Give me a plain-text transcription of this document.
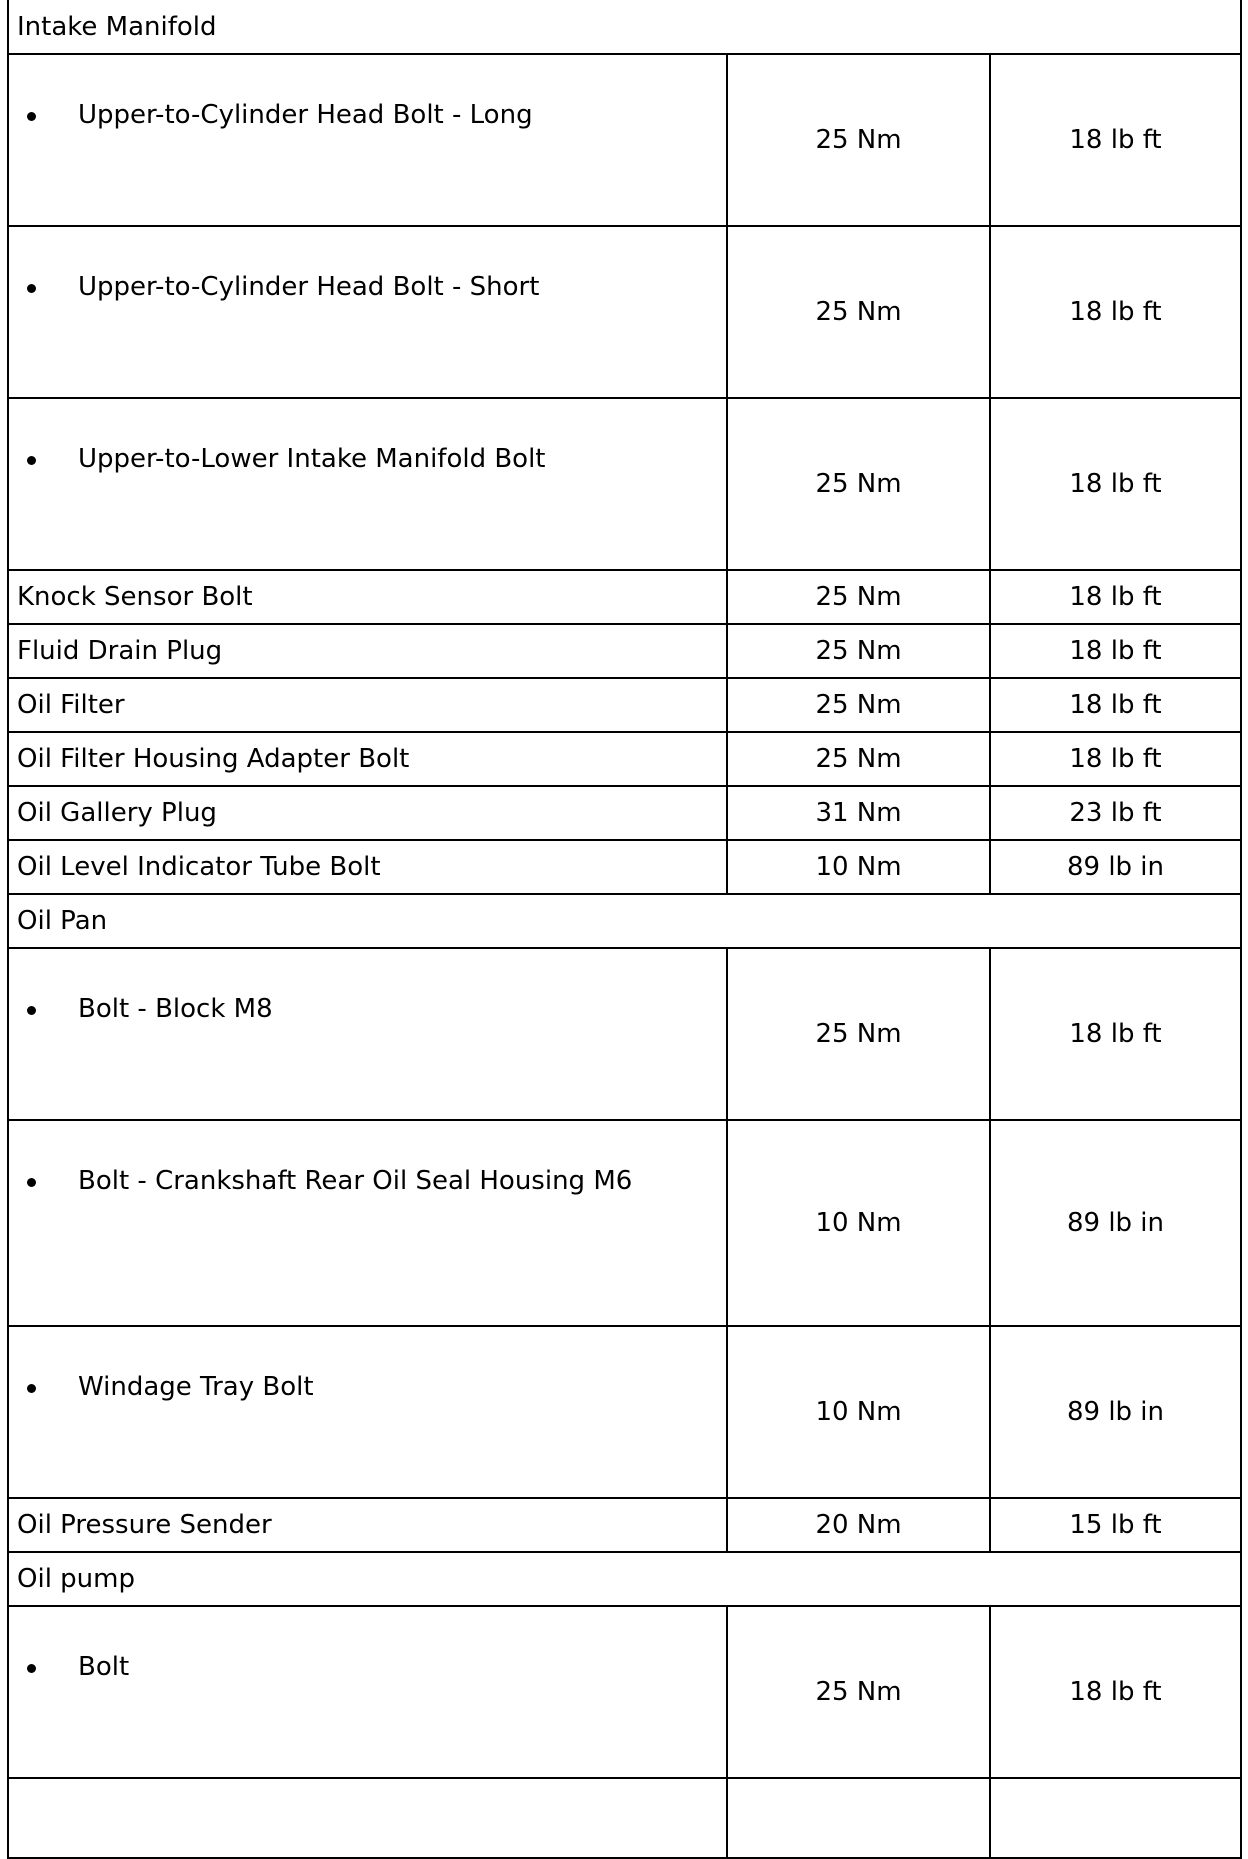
Intake Manifold		

Upper-to-Cylinder Head Bolt - Long	25 Nm	18 lb ft

Upper-to-Cylinder Head Bolt - Short	25 Nm	18 lb ft

Upper-to-Lower Intake Manifold Bolt	25 Nm	18 lb ft
Knock Sensor Bolt	25 Nm	18 lb ft
Fluid Drain Plug	25 Nm	18 lb ft
Oil Filter	25 Nm	18 lb ft
Oil Filter Housing Adapter Bolt	25 Nm	18 lb ft
Oil Gallery Plug	31 Nm	23 lb ft
Oil Level Indicator Tube Bolt	10 Nm	89 lb in
Oil Pan		

Bolt - Block M8	25 Nm	18 lb ft

Bolt - Crankshaft Rear Oil Seal Housing M6	10 Nm	89 lb in

Windage Tray Bolt	10 Nm	89 lb in
Oil Pressure Sender	20 Nm	15 lb ft
Oil pump		

Bolt	25 Nm	18 lb ft
